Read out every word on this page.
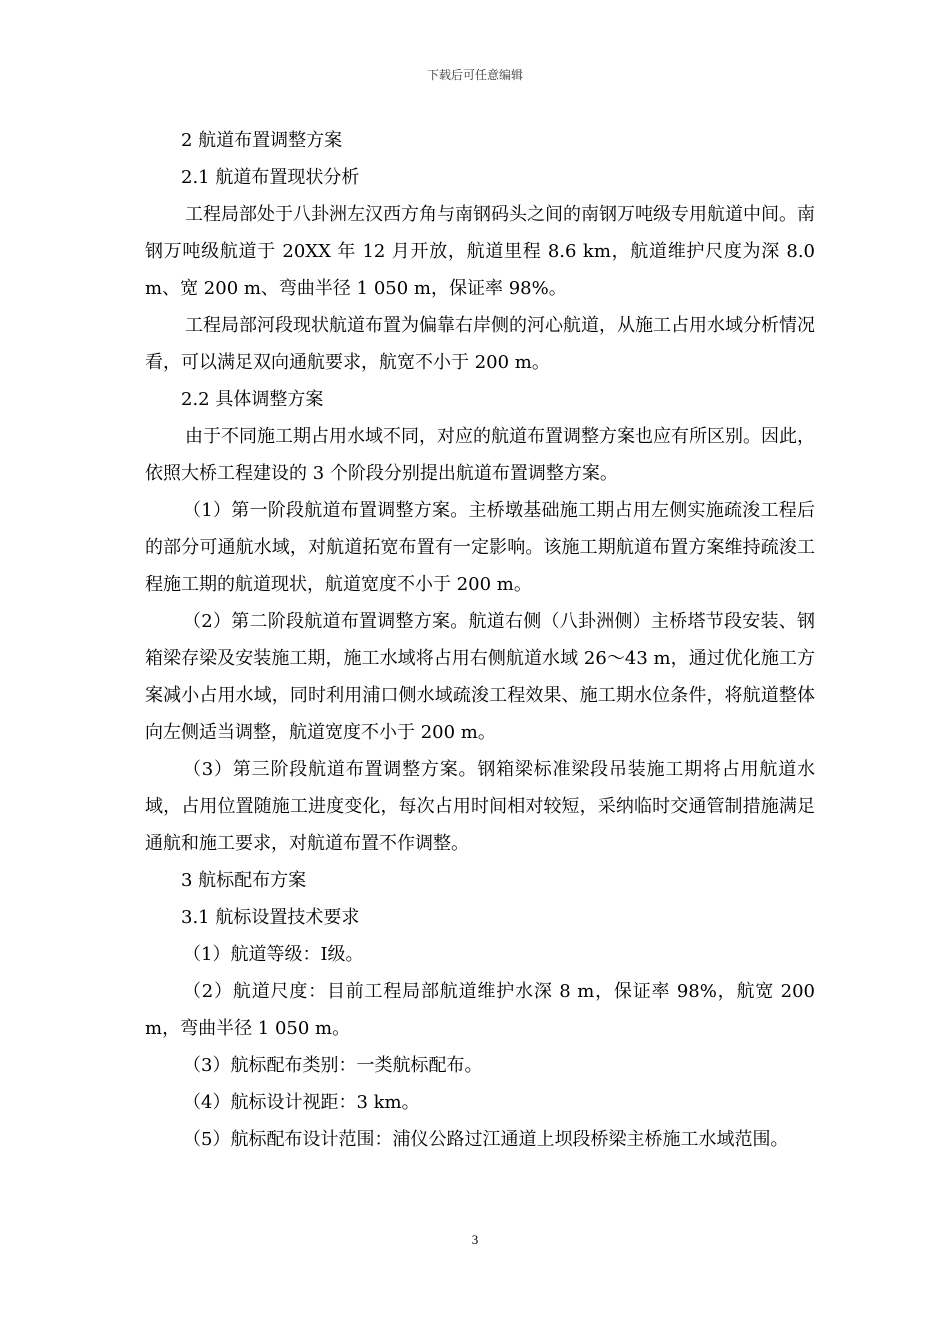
下载后可任意编辑

2 航道布置调整方案

2.1 航道布置现状分析

工程局部处于八卦洲左汉西方角与南钢码头之间的南钢万吨级专用航道中间。南钢万吨级航道于 20XX 年 12 月开放，航道里程 8.6 km，航道维护尺度为深 8.0 m、宽 200 m、弯曲半径 1 050 m，保证率 98%。

工程局部河段现状航道布置为偏靠右岸侧的河心航道，从施工占用水域分析情况看，可以满足双向通航要求，航宽不小于 200 m。

2.2 具体调整方案

由于不同施工期占用水域不同，对应的航道布置调整方案也应有所区别。因此，依照大桥工程建设的 3 个阶段分别提出航道布置调整方案。

（1）第一阶段航道布置调整方案。主桥墩基础施工期占用左侧实施疏浚工程后的部分可通航水域，对航道拓宽布置有一定影响。该施工期航道布置方案维持疏浚工程施工期的航道现状，航道宽度不小于 200 m。

（2）第二阶段航道布置调整方案。航道右侧（八卦洲侧）主桥塔节段安装、钢箱梁存梁及安装施工期，施工水域将占用右侧航道水域 26～43 m，通过优化施工方案减小占用水域，同时利用浦口侧水域疏浚工程效果、施工期水位条件，将航道整体向左侧适当调整，航道宽度不小于 200 m。

（3）第三阶段航道布置调整方案。钢箱梁标准梁段吊装施工期将占用航道水域，占用位置随施工进度变化，每次占用时间相对较短，采纳临时交通管制措施满足通航和施工要求，对航道布置不作调整。

3 航标配布方案

3.1 航标设置技术要求

（1）航道等级：Ⅰ级。

（2）航道尺度：目前工程局部航道维护水深 8 m，保证率 98%，航宽 200 m，弯曲半径 1 050 m。

（3）航标配布类别：一类航标配布。

（4）航标设计视距：3 km。

（5）航标配布设计范围：浦仪公路过江通道上坝段桥梁主桥施工水域范围。

3
